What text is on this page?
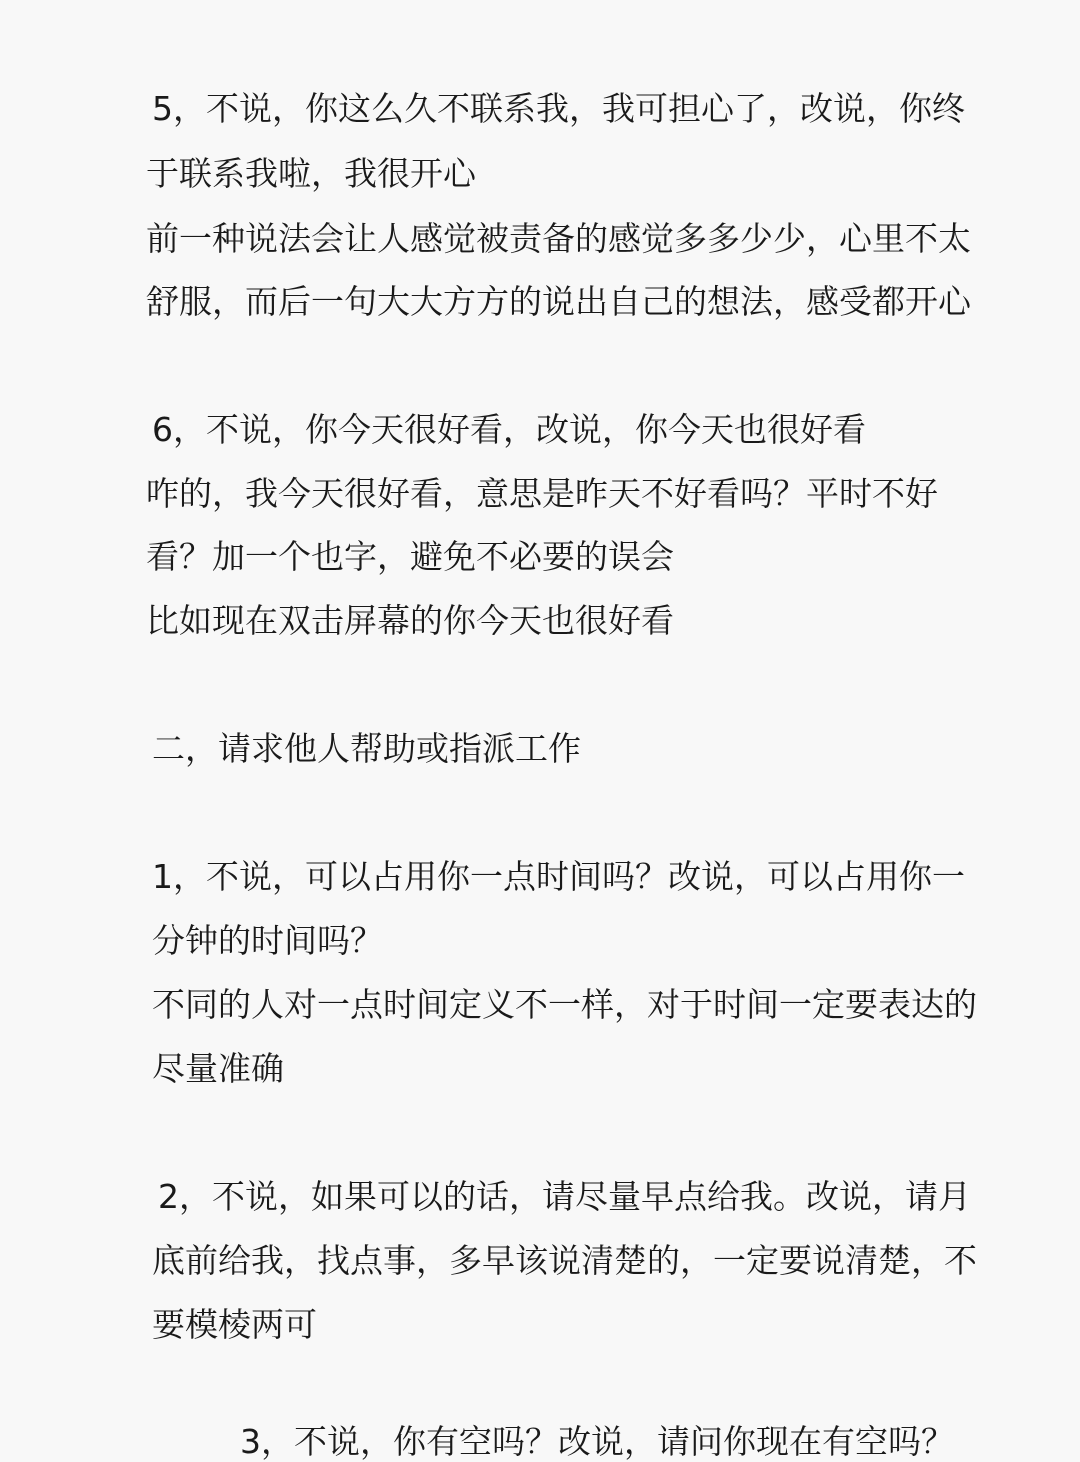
5，不说，你这么久不联系我，我可担心了，改说，你终
于联系我啦，我很开心
前一种说法会让人感觉被责备的感觉多多少少，心里不太
舒服，而后一句大大方方的说出自己的想法，感受都开心
6，不说，你今天很好看，改说，你今天也很好看
咋的，我今天很好看，意思是昨天不好看吗？平时不好
看？加一个也字，避免不必要的误会
比如现在双击屏幕的你今天也很好看
二，请求他人帮助或指派工作
1，不说，可以占用你一点时间吗？改说，可以占用你一
分钟的时间吗？
不同的人对一点时间定义不一样，对于时间一定要表达的
尽量准确
2，不说，如果可以的话，请尽量早点给我。改说，请月
底前给我，找点事，多早该说清楚的，一定要说清楚，不
要模棱两可
3，不说，你有空吗？改说，请问你现在有空吗？
